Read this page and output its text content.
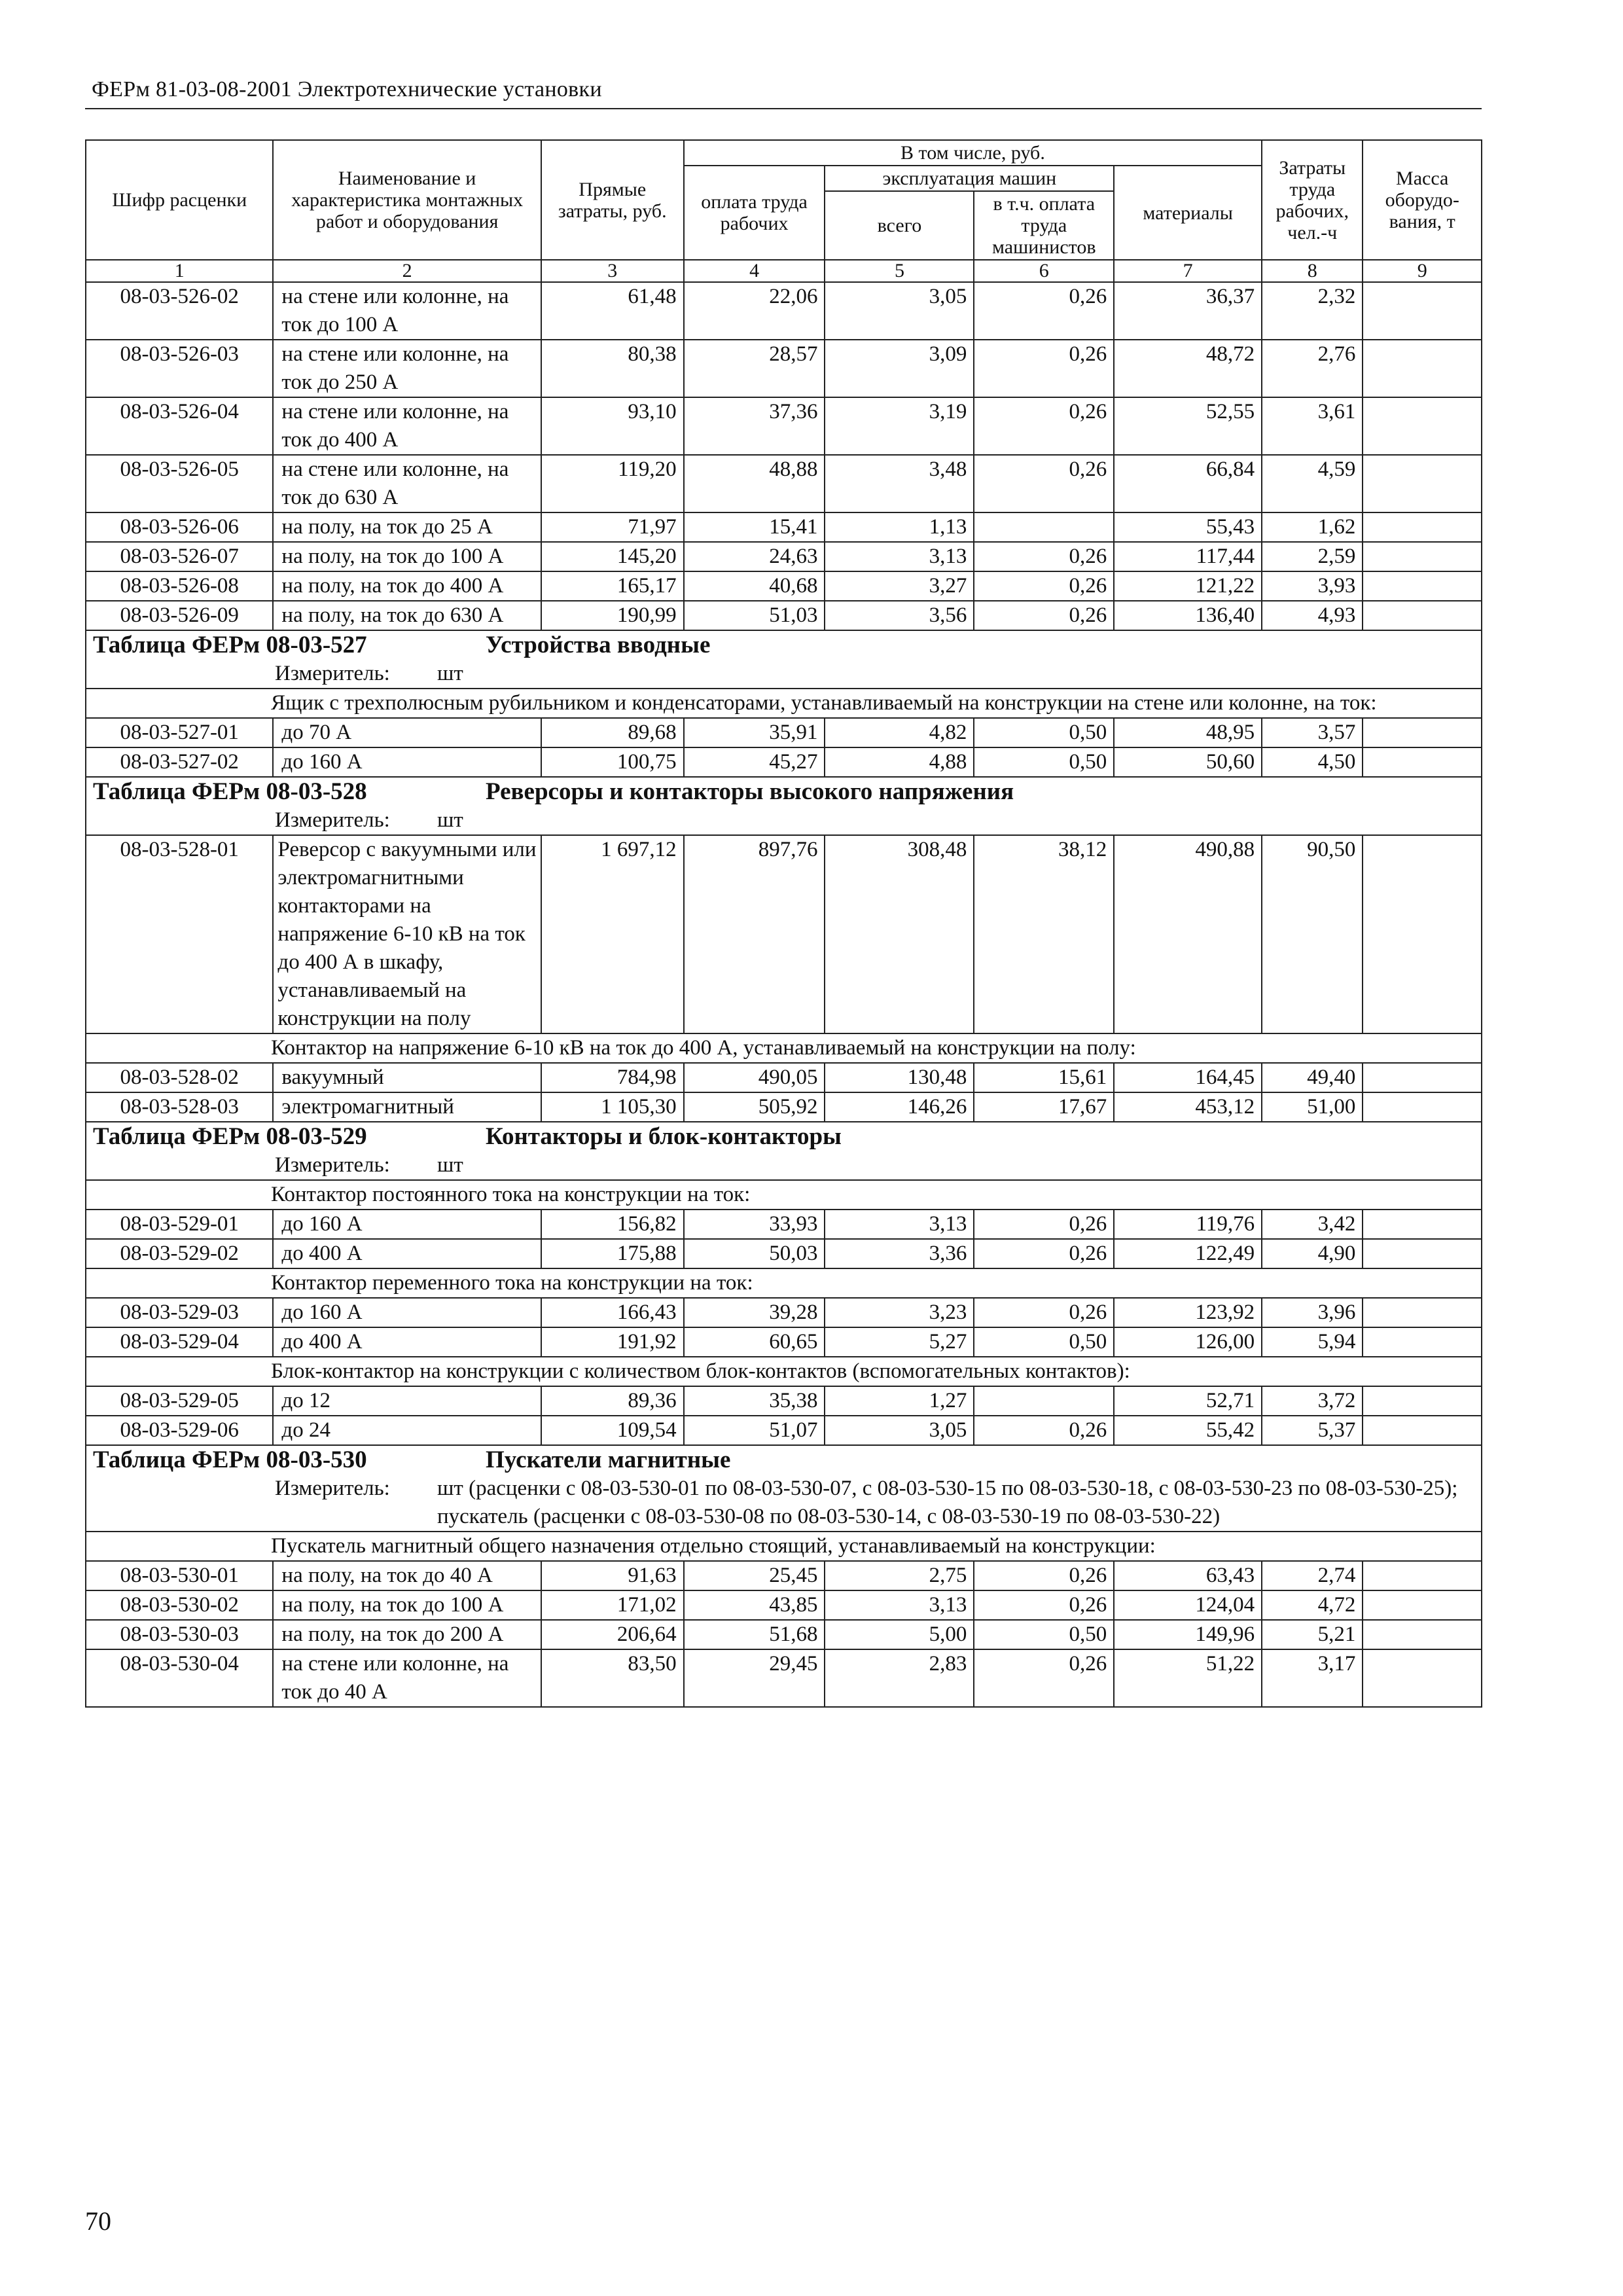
ФЕРм 81-03-08-2001 Электротехнические установки
Шифр расценки	Наименование и характеристика монтажных работ и оборудования	Прямые затраты, руб.	В том числе, руб.				Затраты труда рабочих, чел.-ч	Масса оборудо-вания, т
			оплата труда рабочих	эксплуатация машин		материалы		
				всего	в т.ч. оплата труда машинистов			
1	2	3	4	5	6	7	8	9
08-03-526-02	на стене или колонне, на ток до 100 А	61,48	22,06	3,05	0,26	36,37	2,32	
08-03-526-03	на стене или колонне, на ток до 250 А	80,38	28,57	3,09	0,26	48,72	2,76	
08-03-526-04	на стене или колонне, на ток до 400 А	93,10	37,36	3,19	0,26	52,55	3,61	
08-03-526-05	на стене или колонне, на ток до 630 А	119,20	48,88	3,48	0,26	66,84	4,59	
08-03-526-06	на полу, на ток до 25 А	71,97	15,41	1,13		55,43	1,62	
08-03-526-07	на полу, на ток до 100 А	145,20	24,63	3,13	0,26	117,44	2,59	
08-03-526-08	на полу, на ток до 400 А	165,17	40,68	3,27	0,26	121,22	3,93	
08-03-526-09	на полу, на ток до 630 А	190,99	51,03	3,56	0,26	136,40	4,93	
Таблица ФЕРм 08-03-527 Устройства вводные								

Измеритель: шт								

Ящик с трехполюсным рубильником и конденсаторами, устанавливаемый на конструкции на стене или колонне, на ток:								
08-03-527-01	до 70 А	89,68	35,91	4,82	0,50	48,95	3,57	
08-03-527-02	до 160 А	100,75	45,27	4,88	0,50	50,60	4,50	
Таблица ФЕРм 08-03-528 Реверсоры и контакторы высокого напряжения								

Измеритель: шт								

08-03-528-01	Реверсор с вакуумными или электромагнитными контакторами на напряжение 6-10 кВ на ток до 400 А в шкафу, устанавливаемый на конструкции на полу	1 697,12	897,76	308,48	38,12	490,88	90,50	
Контактор на напряжение 6-10 кВ на ток до 400 А, устанавливаемый на конструкции на полу:								
08-03-528-02	вакуумный	784,98	490,05	130,48	15,61	164,45	49,40	
08-03-528-03	электромагнитный	1 105,30	505,92	146,26	17,67	453,12	51,00	
Таблица ФЕРм 08-03-529 Контакторы и блок-контакторы								

Измеритель: шт								

Контактор постоянного тока на конструкции на ток:								
08-03-529-01	до 160 А	156,82	33,93	3,13	0,26	119,76	3,42	
08-03-529-02	до 400 А	175,88	50,03	3,36	0,26	122,49	4,90	
Контактор переменного тока на конструкции на ток:								
08-03-529-03	до 160 А	166,43	39,28	3,23	0,26	123,92	3,96	
08-03-529-04	до 400 А	191,92	60,65	5,27	0,50	126,00	5,94	
Блок-контактор на конструкции с количеством блок-контактов (вспомогательных контактов):								
08-03-529-05	до 12	89,36	35,38	1,27		52,71	3,72	
08-03-529-06	до 24	109,54	51,07	3,05	0,26	55,42	5,37	
Таблица ФЕРм 08-03-530 Пускатели магнитные								

Измеритель: шт (расценки с 08-03-530-01 по 08-03-530-07, с 08-03-530-15 по 08-03-530-18, с 08-03-530-23 по 08-03-530-25); пускатель (расценки с 08-03-530-08 по 08-03-530-14, с 08-03-530-19 по 08-03-530-22)								

Пускатель магнитный общего назначения отдельно стоящий, устанавливаемый на конструкции:								
08-03-530-01	на полу, на ток до 40 А	91,63	25,45	2,75	0,26	63,43	2,74	
08-03-530-02	на полу, на ток до 100 А	171,02	43,85	3,13	0,26	124,04	4,72	
08-03-530-03	на полу, на ток до 200 А	206,64	51,68	5,00	0,50	149,96	5,21	
08-03-530-04	на стене или колонне, на ток до 40 А	83,50	29,45	2,83	0,26	51,22	3,17	
70
